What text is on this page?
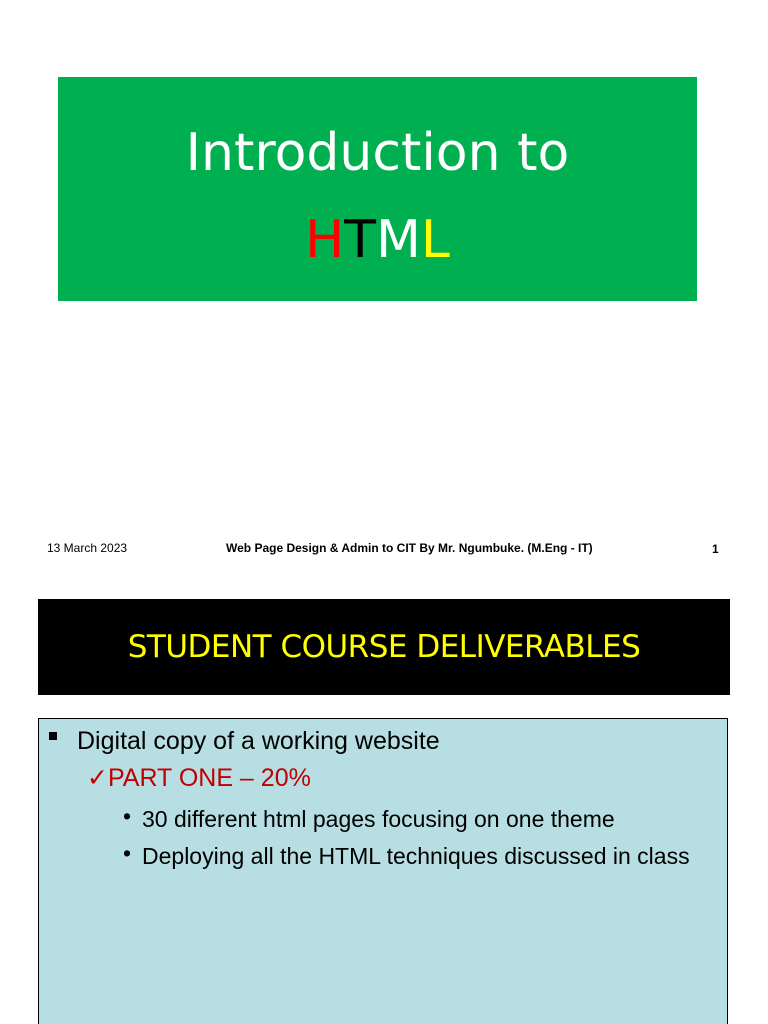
Introduction to
HTML
13 March 2023	Web Page Design & Admin to CIT By Mr. Ngumbuke. (M.Eng - IT)	1
STUDENT COURSE DELIVERABLES
Digital copy of a working website
✓PART ONE – 20%
• 30 different html pages focusing on one theme
• Deploying all the HTML techniques discussed in class
